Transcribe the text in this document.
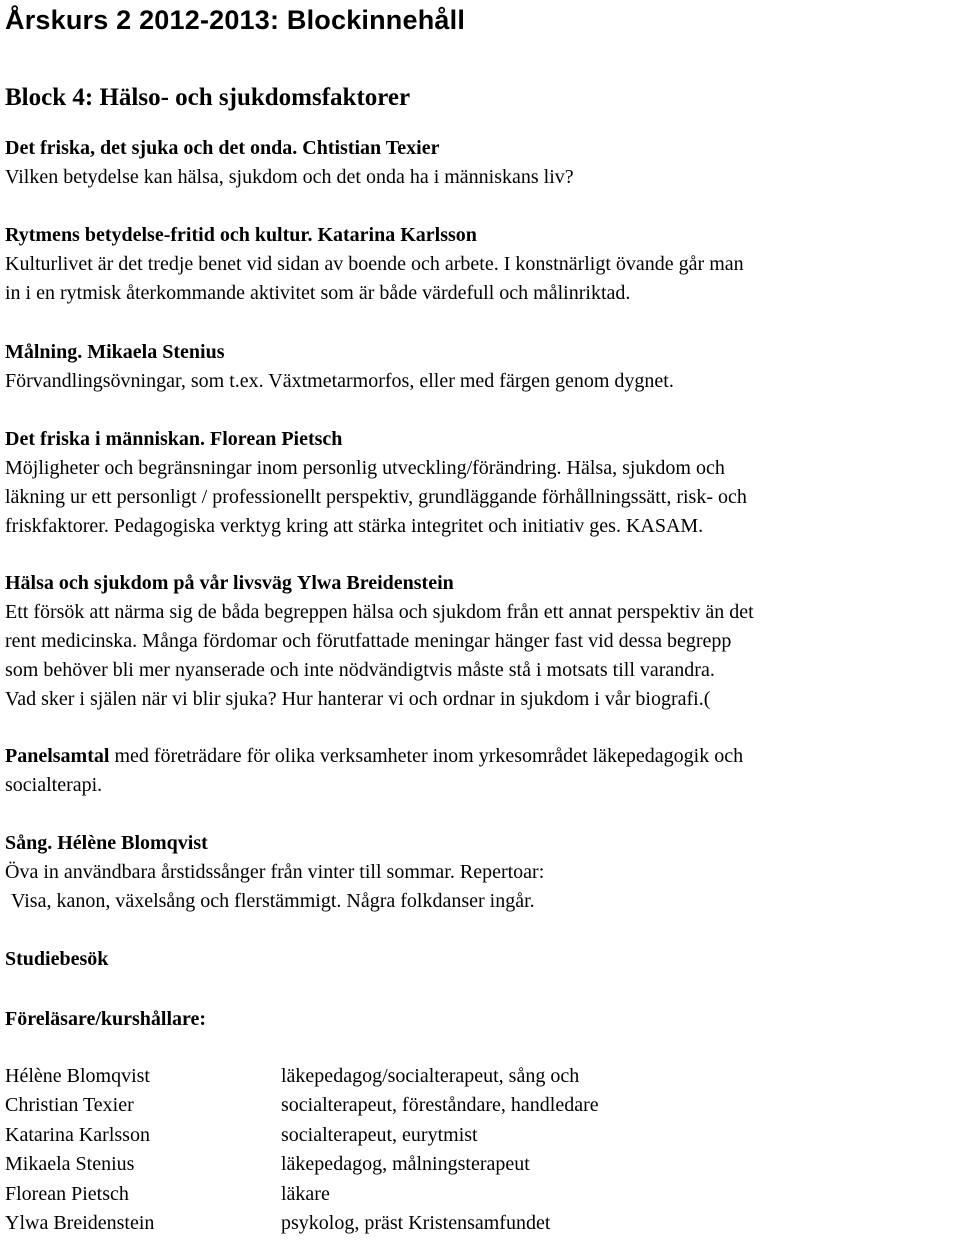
Årskurs 2 2012-2013: Blockinnehåll
Block 4: Hälso- och sjukdomsfaktorer

Det friska, det sjuka och det onda. Chtistian Texier

Vilken betydelse kan hälsa, sjukdom och det onda ha i människans liv?

Rytmens betydelse-fritid och kultur. Katarina Karlsson

Kulturlivet är det tredje benet vid sidan av boende och arbete. I konstnärligt övande går man

in i en rytmisk återkommande aktivitet som är både värdefull och målinriktad.

Målning. Mikaela Stenius

Förvandlingsövningar, som t.ex. Växtmetarmorfos, eller med färgen genom dygnet.

Det friska i människan. Florean Pietsch

Möjligheter och begränsningar inom personlig utveckling/förändring. Hälsa, sjukdom och

läkning ur ett personligt / professionellt perspektiv, grundläggande förhållningssätt, risk- och

friskfaktorer. Pedagogiska verktyg kring att stärka integritet och initiativ ges. KASAM.

Hälsa och sjukdom på vår livsväg Ylwa Breidenstein

Ett försök att närma sig de båda begreppen hälsa och sjukdom från ett annat perspektiv än det

rent medicinska. Många fördomar och förutfattade meningar hänger fast vid dessa begrepp

som behöver bli mer nyanserade och inte nödvändigtvis måste stå i motsats till varandra.

Vad sker i själen när vi blir sjuka? Hur hanterar vi och ordnar in sjukdom i vår biografi.(

Panelsamtal med företrädare för olika verksamheter inom yrkesområdet läkepedagogik och

socialterapi.

Sång. Hélène Blomqvist

Öva in användbara årstidssånger från vinter till sommar. Repertoar:

Visa, kanon, växelsång och flerstämmigt. Några folkdanser ingår.

Studiebesök

Föreläsare/kurshållare:

Hélène Blomqvist	läkepedagog/socialterapeut, sång och
Christian Texier	socialterapeut, föreståndare, handledare
Katarina Karlsson	socialterapeut, eurytmist
Mikaela Stenius	läkepedagog, målningsterapeut
Florean Pietsch	läkare
Ylwa Breidenstein	psykolog, präst Kristensamfundet
